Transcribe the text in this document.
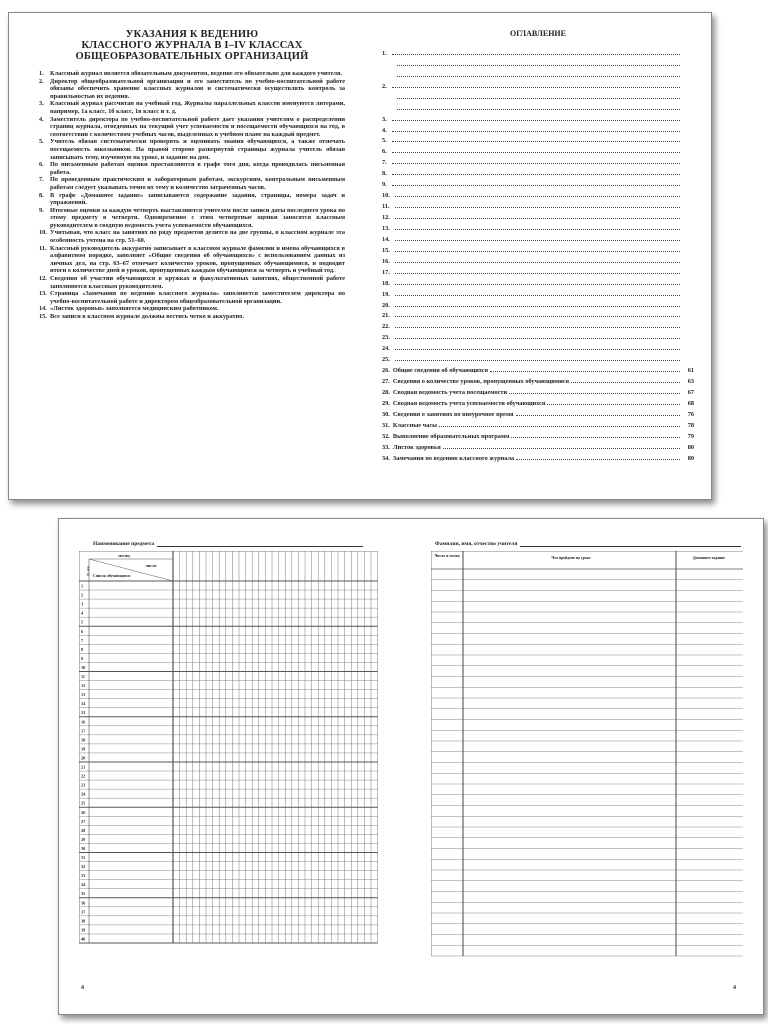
УКАЗАНИЯ К ВЕДЕНИЮ
КЛАССНОГО ЖУРНАЛА В I–IV КЛАССАХ
ОБЩЕОБРАЗОВАТЕЛЬНЫХ ОРГАНИЗАЦИЙ
1. Классный журнал является обязательным документом, ведение его обязательно для каждого учителя.
2. Директор общеобразовательной организации и его заместитель по учебно-воспитательной работе обязаны обеспечить хранение классных журналов и систематически осуществлять контроль за правильностью их ведения.
3. Классный журнал рассчитан на учебный год. Журналы параллельных классов именуются литерами, например, 1а класс, 1б класс, 1в класс и т. д.
4. Заместитель директора по учебно-воспитательной работе дает указания учителям о распределении страниц журнала, отведенных на текущий учет успеваемости и посещаемости обучающихся на год, в соответствии с количеством учебных часов, выделенных в учебном плане на каждый предмет.
5. Учитель обязан систематически проверять и оценивать знания обучающихся, а также отмечать посещаемость школьников. На правой стороне развернутой страницы журнала учитель обязан записывать тему, изученную на уроке, и задание на дом.
6. По письменным работам оценки проставляются в графе того дня, когда проводилась письменная работа.
7. По проведенным практическим и лабораторным работам, экскурсиям, контрольным письменным работам следует указывать точно их тему и количество затраченных часов.
8. В графе «Домашнее задание» записываются содержание задания, страницы, номера задач и упражнений.
9. Итоговые оценки за каждую четверть выставляются учителем после записи даты последнего урока по этому предмету в четверти. Одновременно с этим четвертные оценки заносятся классным руководителем в сводную ведомость учета успеваемости обучающихся.
10. Учитывая, что класс на занятиях по ряду предметов делится на две группы, в классном журнале эта особенность учтена на стр. 51–60.
11. Классный руководитель аккуратно записывает в классном журнале фамилии и имена обучающихся в алфавитном порядке, заполняет «Общие сведения об обучающихся» с использованием данных из личных дел, на стр. 63–67 отмечает количество уроков, пропущенных обучающимися, и подводит итоги о количестве дней и уроков, пропущенных каждым обучающимся за четверть и учебный год.
12. Сведения об участии обучающихся в кружках и факультативных занятиях, общественной работе заполняются классным руководителем.
13. Страница «Замечания по ведению классного журнала» заполняется заместителем директора по учебно-воспитательной работе и директором общеобразовательной организации.
14. «Листок здоровья» заполняется медицинским работником.
15. Все записи в классном журнале должны вестись четко и аккуратно.
ОГЛАВЛЕНИЕ
1.
2.
3.
4.
5.
6.
7.
8.
9.
10.
11.
12.
13.
14.
15.
16.
17.
18.
19.
20.
21.
22.
23.
24.
25.
26. Общие сведения об обучающихся	61
27. Сведения о количестве уроков, пропущенных обучающимися	63
28. Сводная ведомость учета посещаемости	67
29. Сводная ведомость учета успеваемости обучающихся	68
30. Сведения о занятиях во внеурочное время	76
31. Классные часы	78
32. Выполнение образовательных программ	79
33. Листок здоровья	80
34. Замечания по ведению классного журнала	80
Наименование предмета	Фамилия, имя, отчество учителя
месяц
число
Список обучающихся
№ п/п
1
2
3
4
5
6
7
8
9
10
11
12
13
14
15
16
17
18
19
20
21
22
23
24
25
26
27
28
29
30
31
32
33
34
35
36
37
38
39
40
Число и месяц	Что пройдено на уроке	Домашнее задание
4	4
